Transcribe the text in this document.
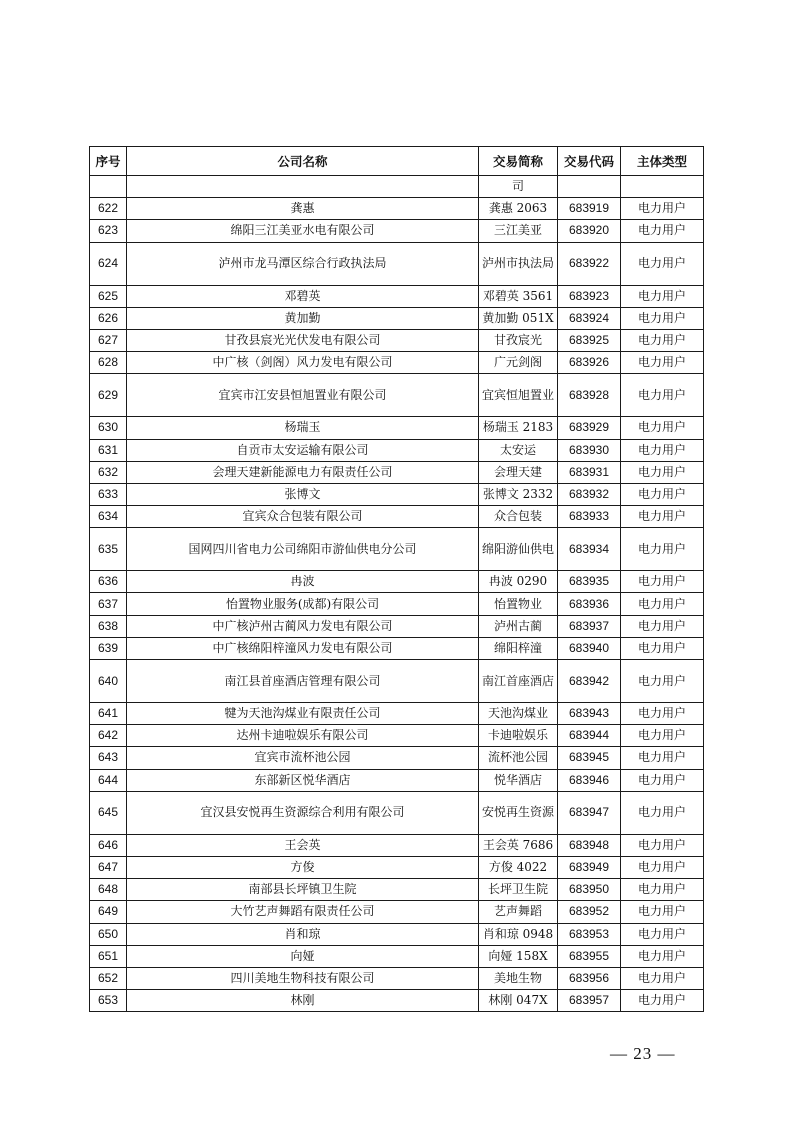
序号	公司名称	交易简称	交易代码	主体类型
		司		
622	龚惠	龚惠 2063	683919	电力用户
623	绵阳三江美亚水电有限公司	三江美亚	683920	电力用户
624	泸州市龙马潭区综合行政执法局	泸州市执法局	683922	电力用户
625	邓碧英	邓碧英 3561	683923	电力用户
626	黄加勤	黄加勤 051X	683924	电力用户
627	甘孜县宸光光伏发电有限公司	甘孜宸光	683925	电力用户
628	中广核（剑阁）风力发电有限公司	广元剑阁	683926	电力用户
629	宜宾市江安县恒旭置业有限公司	宜宾恒旭置业	683928	电力用户
630	杨瑞玉	杨瑞玉 2183	683929	电力用户
631	自贡市太安运输有限公司	太安运	683930	电力用户
632	会理天建新能源电力有限责任公司	会理天建	683931	电力用户
633	张博文	张博文 2332	683932	电力用户
634	宜宾众合包装有限公司	众合包装	683933	电力用户
635	国网四川省电力公司绵阳市游仙供电分公司	绵阳游仙供电	683934	电力用户
636	冉波	冉波 0290	683935	电力用户
637	怡置物业服务(成都)有限公司	怡置物业	683936	电力用户
638	中广核泸州古蔺风力发电有限公司	泸州古蔺	683937	电力用户
639	中广核绵阳梓潼风力发电有限公司	绵阳梓潼	683940	电力用户
640	南江县首座酒店管理有限公司	南江首座酒店	683942	电力用户
641	犍为天池沟煤业有限责任公司	天池沟煤业	683943	电力用户
642	达州卡迪啦娱乐有限公司	卡迪啦娱乐	683944	电力用户
643	宜宾市流杯池公园	流杯池公园	683945	电力用户
644	东部新区悦华酒店	悦华酒店	683946	电力用户
645	宜汉县安悦再生资源综合利用有限公司	安悦再生资源	683947	电力用户
646	王会英	王会英 7686	683948	电力用户
647	方俊	方俊 4022	683949	电力用户
648	南部县长坪镇卫生院	长坪卫生院	683950	电力用户
649	大竹艺声舞蹈有限责任公司	艺声舞蹈	683952	电力用户
650	肖和琼	肖和琼 0948	683953	电力用户
651	向娅	向娅 158X	683955	电力用户
652	四川美地生物科技有限公司	美地生物	683956	电力用户
653	林刚	林刚 047X	683957	电力用户
— 23 —
